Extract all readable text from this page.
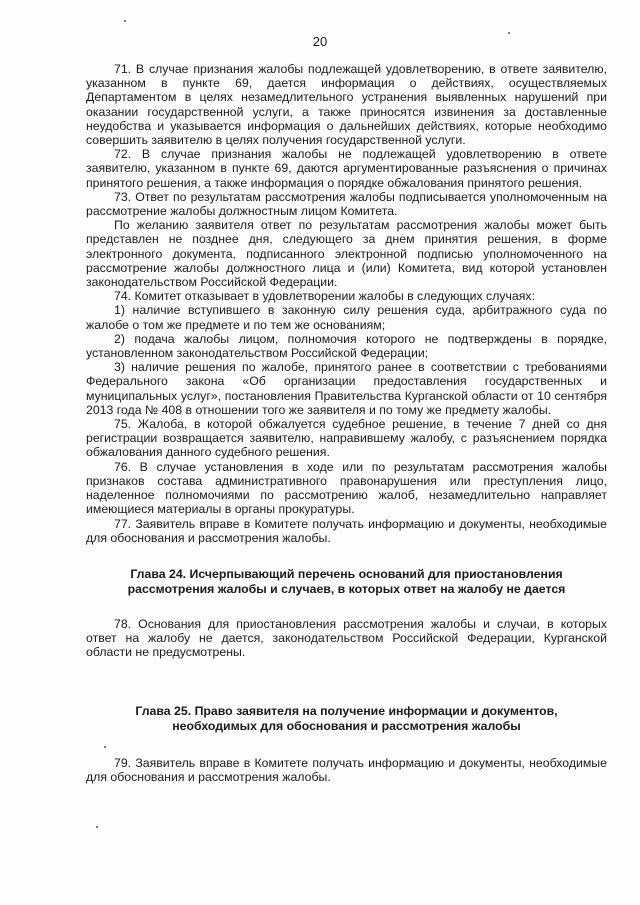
20

71. В случае признания жалобы подлежащей удовлетворению, в ответе заявителю, указанном в пункте 69, дается информация о действиях, осуществляемых Департаментом в целях незамедлительного устранения выявленных нарушений при оказании государственной услуги, а также приносятся извинения за доставленные неудобства и указывается информация о дальнейших действиях, которые необходимо совершить заявителю в целях получения государственной услуги.

72. В случае признания жалобы не подлежащей удовлетворению в ответе заявителю, указанном в пункте 69, даются аргументированные разъяснения о причинах принятого решения, а также информация о порядке обжалования принятого решения.

73. Ответ по результатам рассмотрения жалобы подписывается уполномоченным на рассмотрение жалобы должностным лицом Комитета.

По желанию заявителя ответ по результатам рассмотрения жалобы может быть представлен не позднее дня, следующего за днем принятия решения, в форме электронного документа, подписанного электронной подписью уполномоченного на рассмотрение жалобы должностного лица и (или) Комитета, вид которой установлен законодательством Российской Федерации.

74. Комитет отказывает в удовлетворении жалобы в следующих случаях:

1) наличие вступившего в законную силу решения суда, арбитражного суда по жалобе о том же предмете и по тем же основаниям;

2) подача жалобы лицом, полномочия которого не подтверждены в порядке, установленном законодательством Российской Федерации;

3) наличие решения по жалобе, принятого ранее в соответствии с требованиями Федерального закона «Об организации предоставления государственных и муниципальных услуг», постановления Правительства Курганской области от 10 сентября 2013 года № 408 в отношении того же заявителя и по тому же предмету жалобы.

75. Жалоба, в которой обжалуется судебное решение, в течение 7 дней со дня регистрации возвращается заявителю, направившему жалобу, с разъяснением порядка обжалования данного судебного решения.

76. В случае установления в ходе или по результатам рассмотрения жалобы признаков состава административного правонарушения или преступления лицо, наделенное полномочиями по рассмотрению жалоб, незамедлительно направляет имеющиеся материалы в органы прокуратуры.

77. Заявитель вправе в Комитете получать информацию и документы, необходимые для обоснования и рассмотрения жалобы.

Глава 24. Исчерпывающий перечень оснований для приостановления
рассмотрения жалобы и случаев, в которых ответ на жалобу не дается

78. Основания для приостановления рассмотрения жалобы и случаи, в которых ответ на жалобу не дается, законодательством Российской Федерации, Курганской области не предусмотрены.

Глава 25. Право заявителя на получение информации и документов,
необходимых для обоснования и рассмотрения жалобы

79. Заявитель вправе в Комитете получать информацию и документы, необходимые для обоснования и рассмотрения жалобы.
